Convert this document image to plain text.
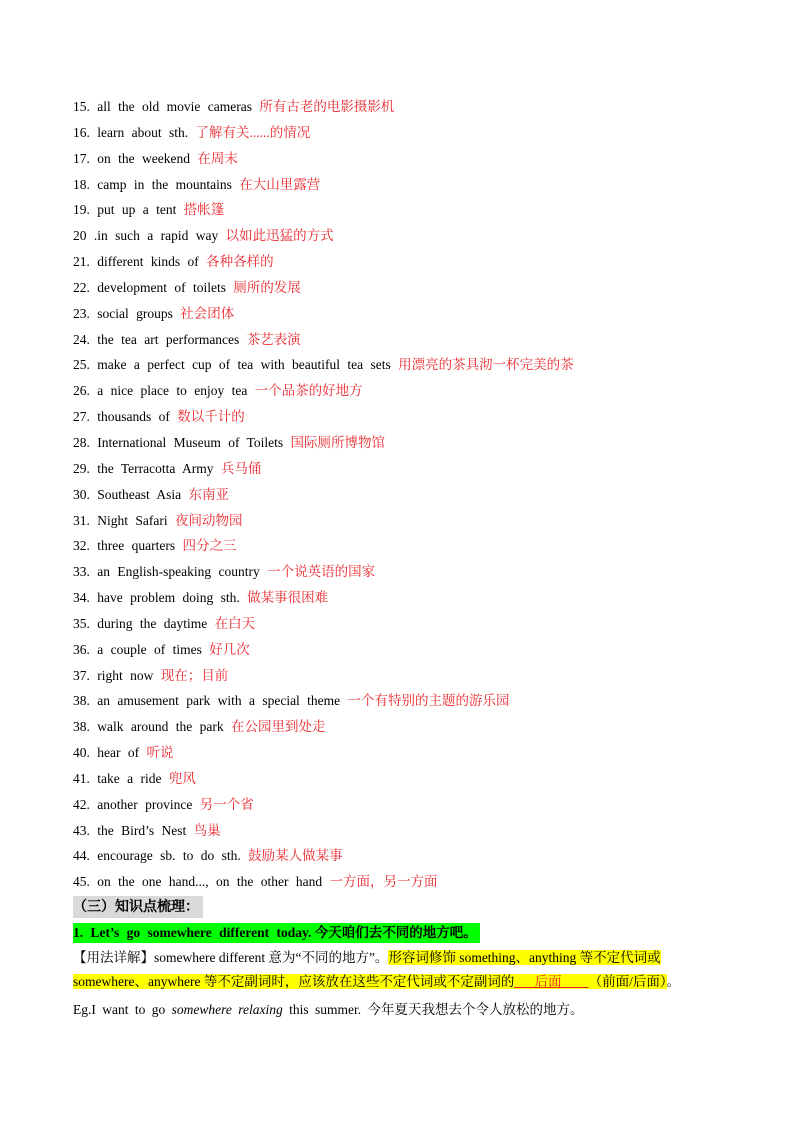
15. all the old movie cameras 所有古老的电影摄影机
16. learn about sth. 了解有关......的情况
17. on the weekend 在周末
18. camp in the mountains 在大山里露营
19. put up a tent 搭帐篷
20 .in such a rapid way 以如此迅猛的方式
21. different kinds of 各种各样的
22. development of toilets 厕所的发展
23. social groups 社会团体
24. the tea art performances 茶艺表演
25. make a perfect cup of tea with beautiful tea sets 用漂亮的茶具沏一杯完美的茶
26. a nice place to enjoy tea 一个品茶的好地方
27. thousands of 数以千计的
28. International Museum of Toilets 国际厕所博物馆
29. the Terracotta Army 兵马俑
30. Southeast Asia 东南亚
31. Night Safari 夜间动物园
32. three quarters 四分之三
33. an English-speaking country 一个说英语的国家
34. have problem doing sth. 做某事很困难
35. during the daytime 在白天
36. a couple of times 好几次
37. right now 现在；目前
38. an amusement park with a special theme 一个有特别的主题的游乐园
38. walk around the park 在公园里到处走
40. hear of 听说
41. take a ride 兜风
42. another province 另一个省
43. the Bird’s Nest 鸟巢
44. encourage sb. to do sth. 鼓励某人做某事
45. on the one hand..., on the other hand 一方面，另一方面
（三）知识点梳理：
1. Let’s go somewhere different today. 今天咱们去不同的地方吧。
【用法详解】somewhere different 意为“不同的地方”。形容词修饰 something、anything 等不定代词或 somewhere、anywhere 等不定副词时，应该放在这些不定代词或不定副词的___后面____（前面/后面）。
Eg.I want to go somewhere relaxing this summer. 今年夏天我想去个令人放松的地方。
